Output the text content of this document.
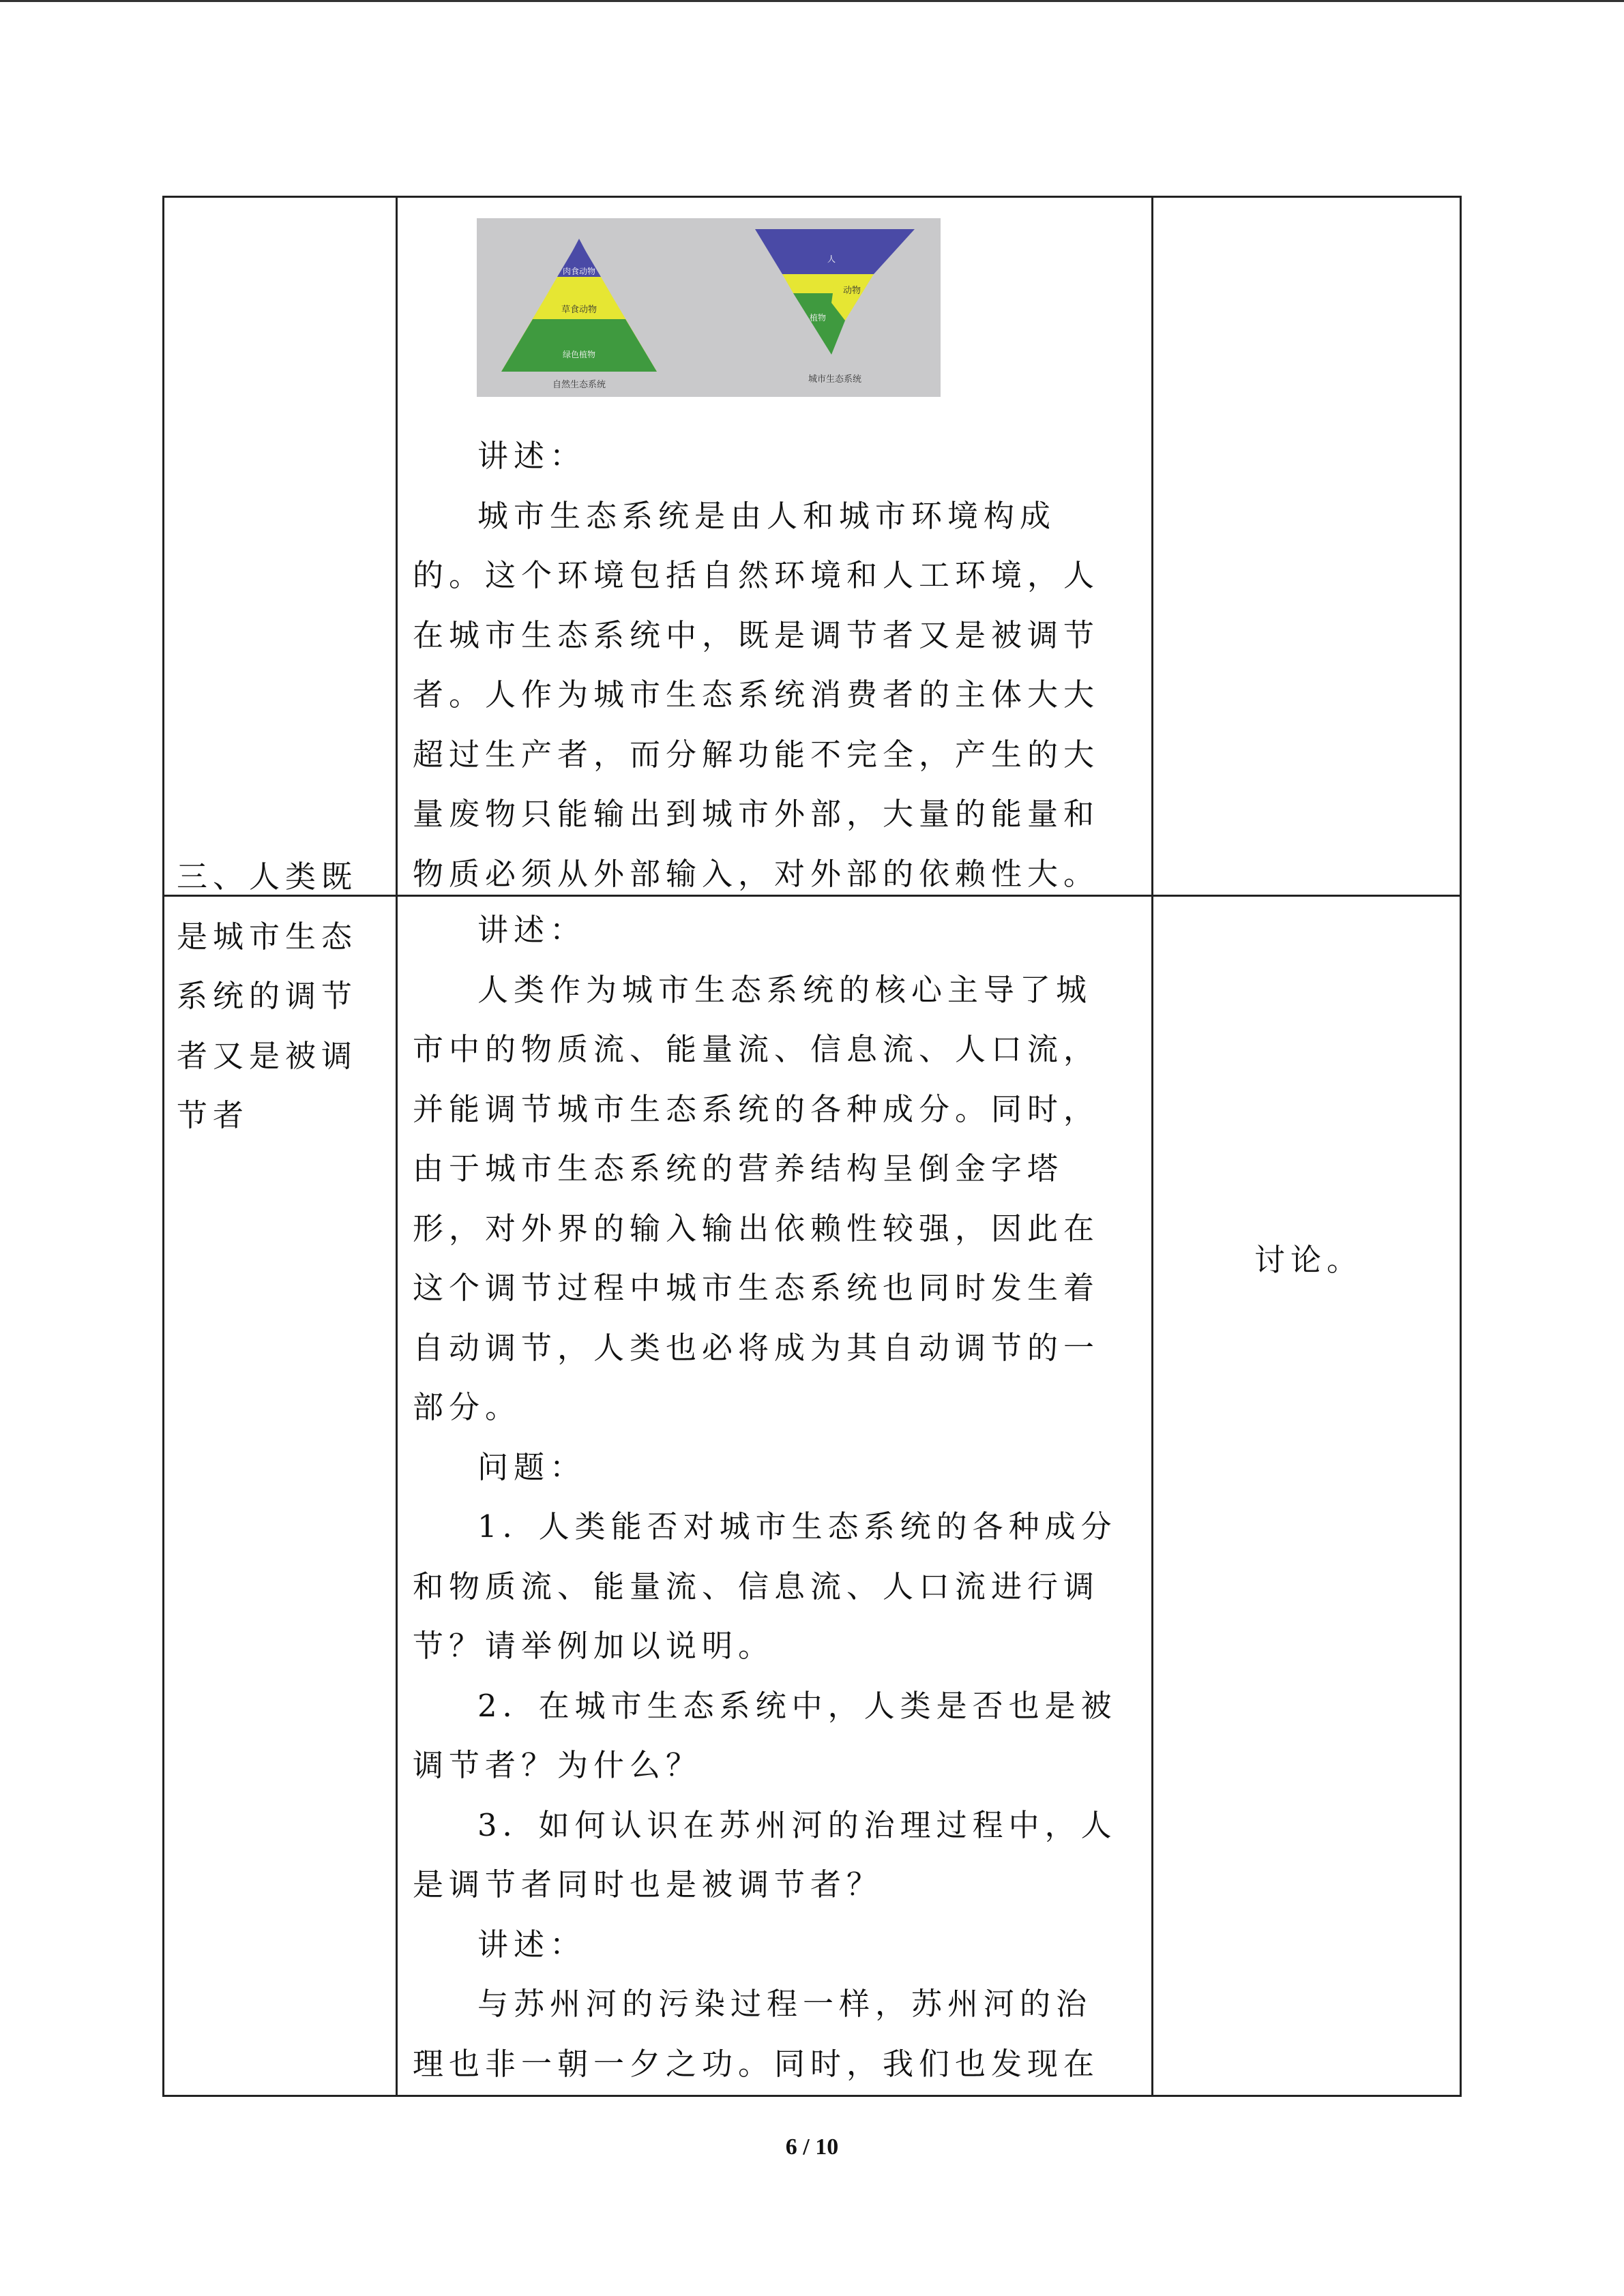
肉食动物
草食动物
绿色植物
自然生态系统
人
动物
植物
城市生态系统

讲述：

城市生态系统是由人和城市环境构成

的。这个环境包括自然环境和人工环境，人

在城市生态系统中，既是调节者又是被调节

者。人作为城市生态系统消费者的主体大大

超过生产者，而分解功能不完全，产生的大

量废物只能输出到城市外部，大量的能量和

物质必须从外部输入，对外部的依赖性大。

三、人类既

是城市生态

系统的调节

者又是被调

节者

讲述：

人类作为城市生态系统的核心主导了城

市中的物质流、能量流、信息流、人口流，

并能调节城市生态系统的各种成分。同时，

由于城市生态系统的营养结构呈倒金字塔

形，对外界的输入输出依赖性较强，因此在

这个调节过程中城市生态系统也同时发生着

自动调节，人类也必将成为其自动调节的一

部分。

问题：

1．人类能否对城市生态系统的各种成分

和物质流、能量流、信息流、人口流进行调

节？请举例加以说明。

2．在城市生态系统中，人类是否也是被

调节者？为什么？

3．如何认识在苏州河的治理过程中，人

是调节者同时也是被调节者？

讲述：

与苏州河的污染过程一样，苏州河的治

理也非一朝一夕之功。同时，我们也发现在

讨论。

6 / 10
